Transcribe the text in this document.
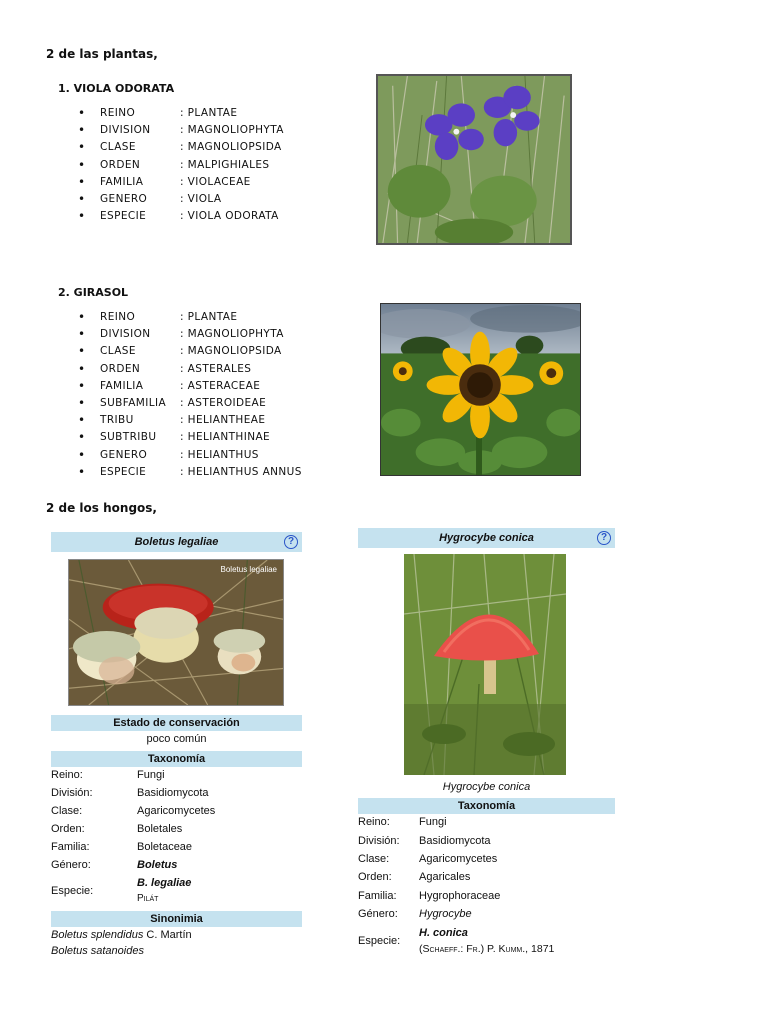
2 de las plantas,
1. VIOLA ODORATA
• REINO	: PLANTAE
• DIVISION	: MAGNOLIOPHYTA
• CLASE	: MAGNOLIOPSIDA
• ORDEN	: MALPIGHIALES
• FAMILIA	: VIOLACEAE
• GENERO	: VIOLA
• ESPECIE	: VIOLA ODORATA
2. GIRASOL
• REINO	: PLANTAE
• DIVISION	: MAGNOLIOPHYTA
• CLASE	: MAGNOLIOPSIDA
• ORDEN	: ASTERALES
• FAMILIA	: ASTERACEAE
• SUBFAMILIA : ASTEROIDEAE
• TRIBU	: HELIANTHEAE
• SUBTRIBU : HELIANTHINAE
• GENERO	: HELIANTHUS
• ESPECIE	: HELIANTHUS ANNUS
2 de los hongos,
Boletus legaliae	?
Boletus legaliae
Estado de conservación
poco común
Taxonomía
Reino:	Fungi
División:	Basidiomycota
Clase:	Agaricomycetes
Orden:	Boletales
Familia:	Boletaceae
Género:	Boletus
Especie:
B. legaliae
Pilát
Sinonimia
Boletus splendidus C. Martín
Boletus satanoides
Hygrocybe conica	?
Hygrocybe conica
Taxonomía
Reino:	Fungi
División: Basidiomycota
Clase:	Agaricomycetes
Orden: Agaricales
Familia: Hygrophoraceae
Género: Hygrocybe
Especie:
H. conica
(Schaeff.: Fr.) P. Kumm., 1871
